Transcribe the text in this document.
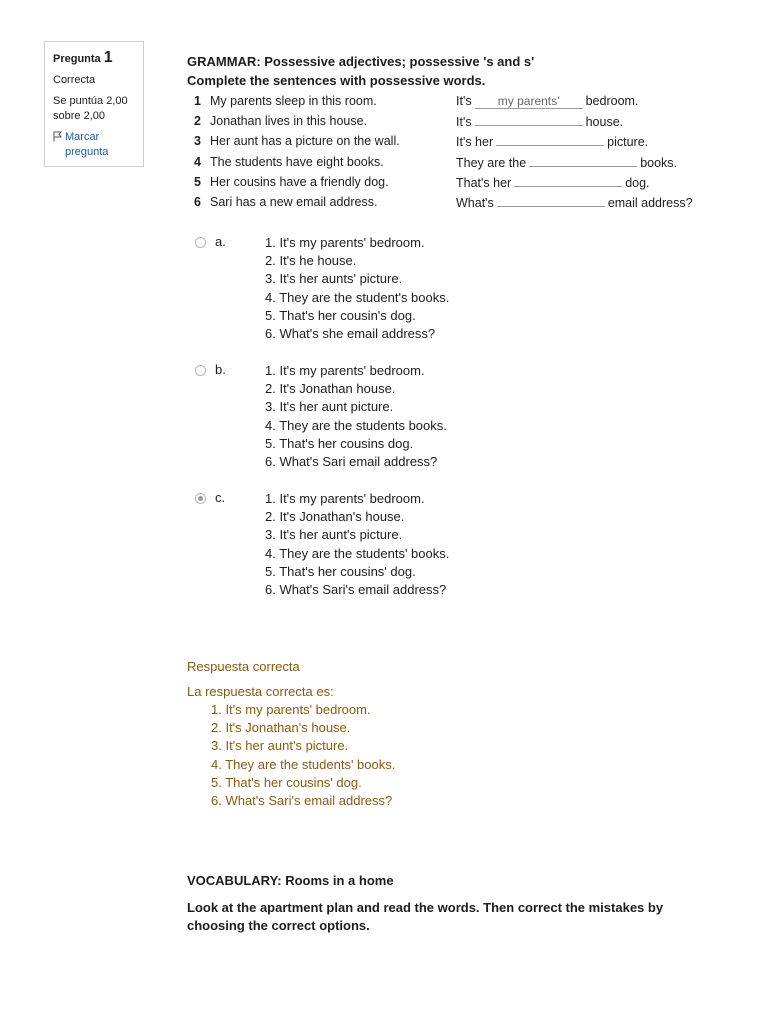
Pregunta 1
Correcta
Se puntúa 2,00 sobre 2,00
Marcar pregunta
GRAMMAR: Possessive adjectives; possessive 's and s'
Complete the sentences with possessive words.
1 My parents sleep in this room.	It's my parents' bedroom.
2 Jonathan lives in this house.	It's	house.
3 Her aunt has a picture on the wall.	It's her	picture.
4 The students have eight books.	They are the	books.
5 Her cousins have a friendly dog.	That's her	dog.
6 Sari has a new email address.	What's	email address?
a.	1. It's my parents' bedroom.
2. It's he house.
3. It's her aunts' picture.
4. They are the student's books.
5. That's her cousin's dog.
6. What's she email address?
b.	1. It's my parents' bedroom.
2. It's Jonathan house.
3. It's her aunt picture.
4. They are the students books.
5. That's her cousins dog.
6. What's Sari email address?
c.	1. It's my parents' bedroom.
2. It's Jonathan's house.
3. It's her aunt's picture.
4. They are the students' books.
5. That's her cousins' dog.
6. What's Sari's email address?
Respuesta correcta
La respuesta correcta es:
1. It's my parents' bedroom.
2. It's Jonathan's house.
3. It's her aunt's picture.
4. They are the students' books.
5. That's her cousins' dog.
6. What's Sari's email address?
VOCABULARY: Rooms in a home
Look at the apartment plan and read the words. Then correct the mistakes by choosing the correct options.
